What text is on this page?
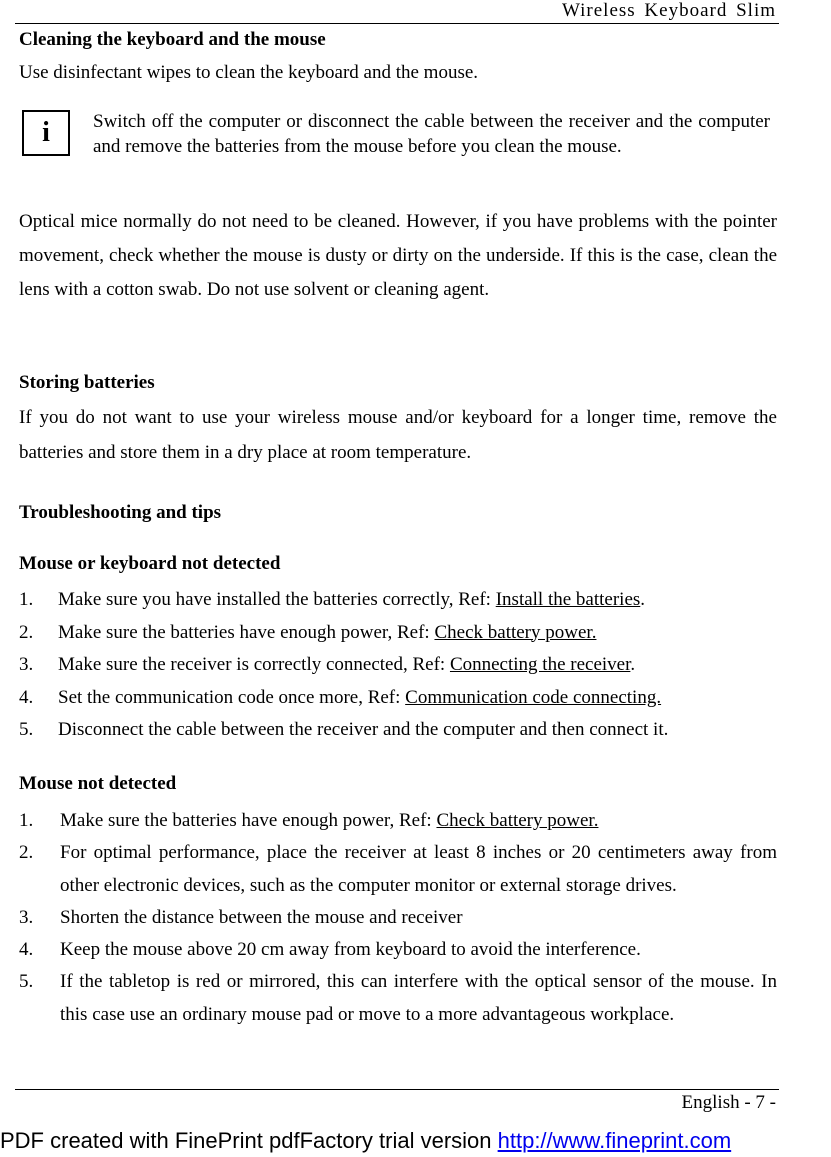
Wireless Keyboard Slim
Cleaning the keyboard and the mouse
Use disinfectant wipes to clean the keyboard and the mouse.
i	Switch off the computer or disconnect the cable between the receiver and the computer and remove the batteries from the mouse before you clean the mouse.
Optical mice normally do not need to be cleaned. However, if you have problems with the pointer movement, check whether the mouse is dusty or dirty on the underside. If this is the case, clean the lens with a cotton swab. Do not use solvent or cleaning agent.
Storing batteries
If you do not want to use your wireless mouse and/or keyboard for a longer time, remove the batteries and store them in a dry place at room temperature.
Troubleshooting and tips
Mouse or keyboard not detected
1. Make sure you have installed the batteries correctly, Ref: Install the batteries.
2. Make sure the batteries have enough power, Ref: Check battery power.
3. Make sure the receiver is correctly connected, Ref: Connecting the receiver.
4. Set the communication code once more, Ref: Communication code connecting.
5. Disconnect the cable between the receiver and the computer and then connect it.
Mouse not detected
1. Make sure the batteries have enough power, Ref: Check battery power.
2. For optimal performance, place the receiver at least 8 inches or 20 centimeters away from other electronic devices, such as the computer monitor or external storage drives.
3. Shorten the distance between the mouse and receiver
4. Keep the mouse above 20 cm away from keyboard to avoid the interference.
5. If the tabletop is red or mirrored, this can interfere with the optical sensor of the mouse. In this case use an ordinary mouse pad or move to a more advantageous workplace.
English - 7 -
PDF created with FinePrint pdfFactory trial version http://www.fineprint.com
